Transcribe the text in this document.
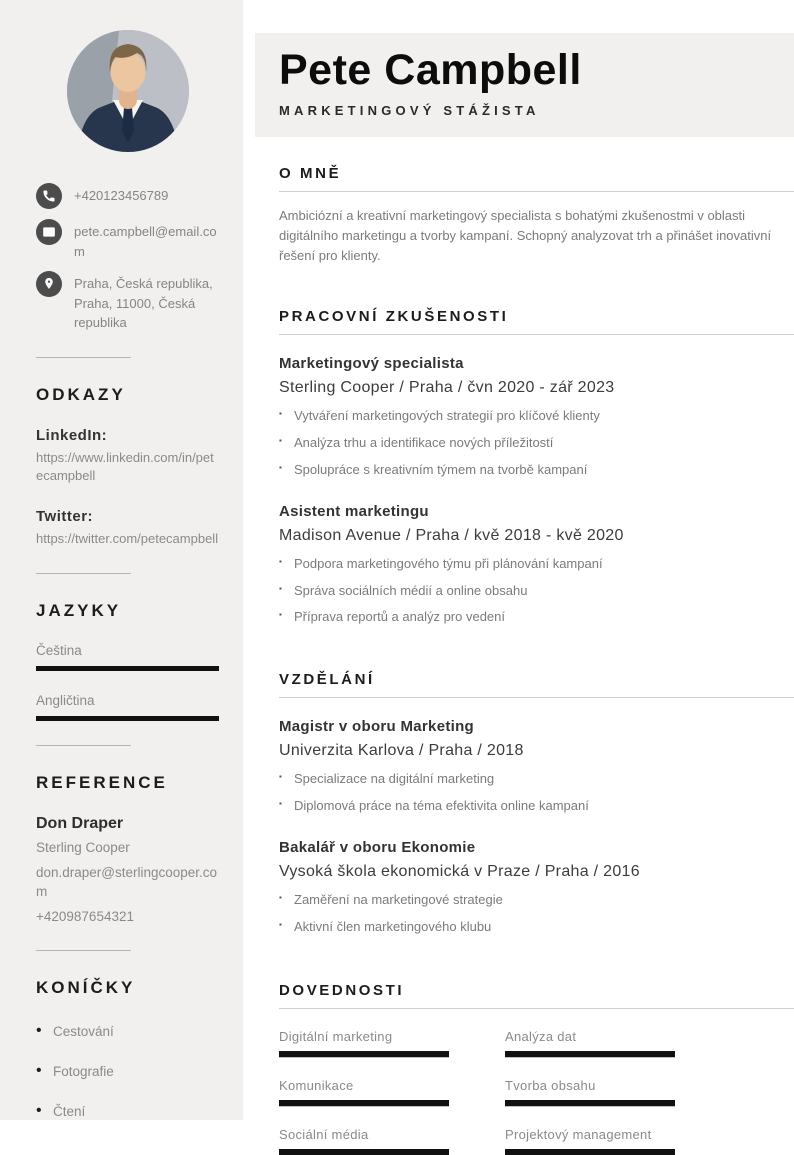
+420123456789
pete.campbell@email.com
Praha, Česká republika, Praha, 11000, Česká republika
ODKAZY
LinkedIn:
https://www.linkedin.com/in/petecampbell
Twitter:
https://twitter.com/petecampbell
JAZYKY
Čeština
Angličtina
REFERENCE
Don Draper
Sterling Cooper
don.draper@sterlingcooper.com
+420987654321
KONÍČKY
• Cestování
• Fotografie
• Čtení
Pete Campbell
MARKETINGOVÝ STÁŽISTA
O MNĚ

Ambiciózní a kreativní marketingový specialista s bohatými zkušenostmi v oblasti digitálního marketingu a tvorby kampaní. Schopný analyzovat trh a přinášet inovativní řešení pro klienty.

PRACOVNÍ ZKUŠENOSTI
Marketingový specialista
Sterling Cooper / Praha / čvn 2020 - zář 2023
▪ Vytváření marketingových strategií pro klíčové klienty
▪ Analýza trhu a identifikace nových příležitostí
▪ Spolupráce s kreativním týmem na tvorbě kampaní
Asistent marketingu
Madison Avenue / Praha / kvě 2018 - kvě 2020
▪ Podpora marketingového týmu při plánování kampaní
▪ Správa sociálních médií a online obsahu
▪ Příprava reportů a analýz pro vedení
VZDĚLÁNÍ
Magistr v oboru Marketing
Univerzita Karlova / Praha / 2018
▪ Specializace na digitální marketing
▪ Diplomová práce na téma efektivita online kampaní
Bakalář v oboru Ekonomie
Vysoká škola ekonomická v Praze / Praha / 2016
▪ Zaměření na marketingové strategie
▪ Aktivní člen marketingového klubu
DOVEDNOSTI
Digitální marketing	Analýza dat
Komunikace	Tvorba obsahu
Sociální média	Projektový management
